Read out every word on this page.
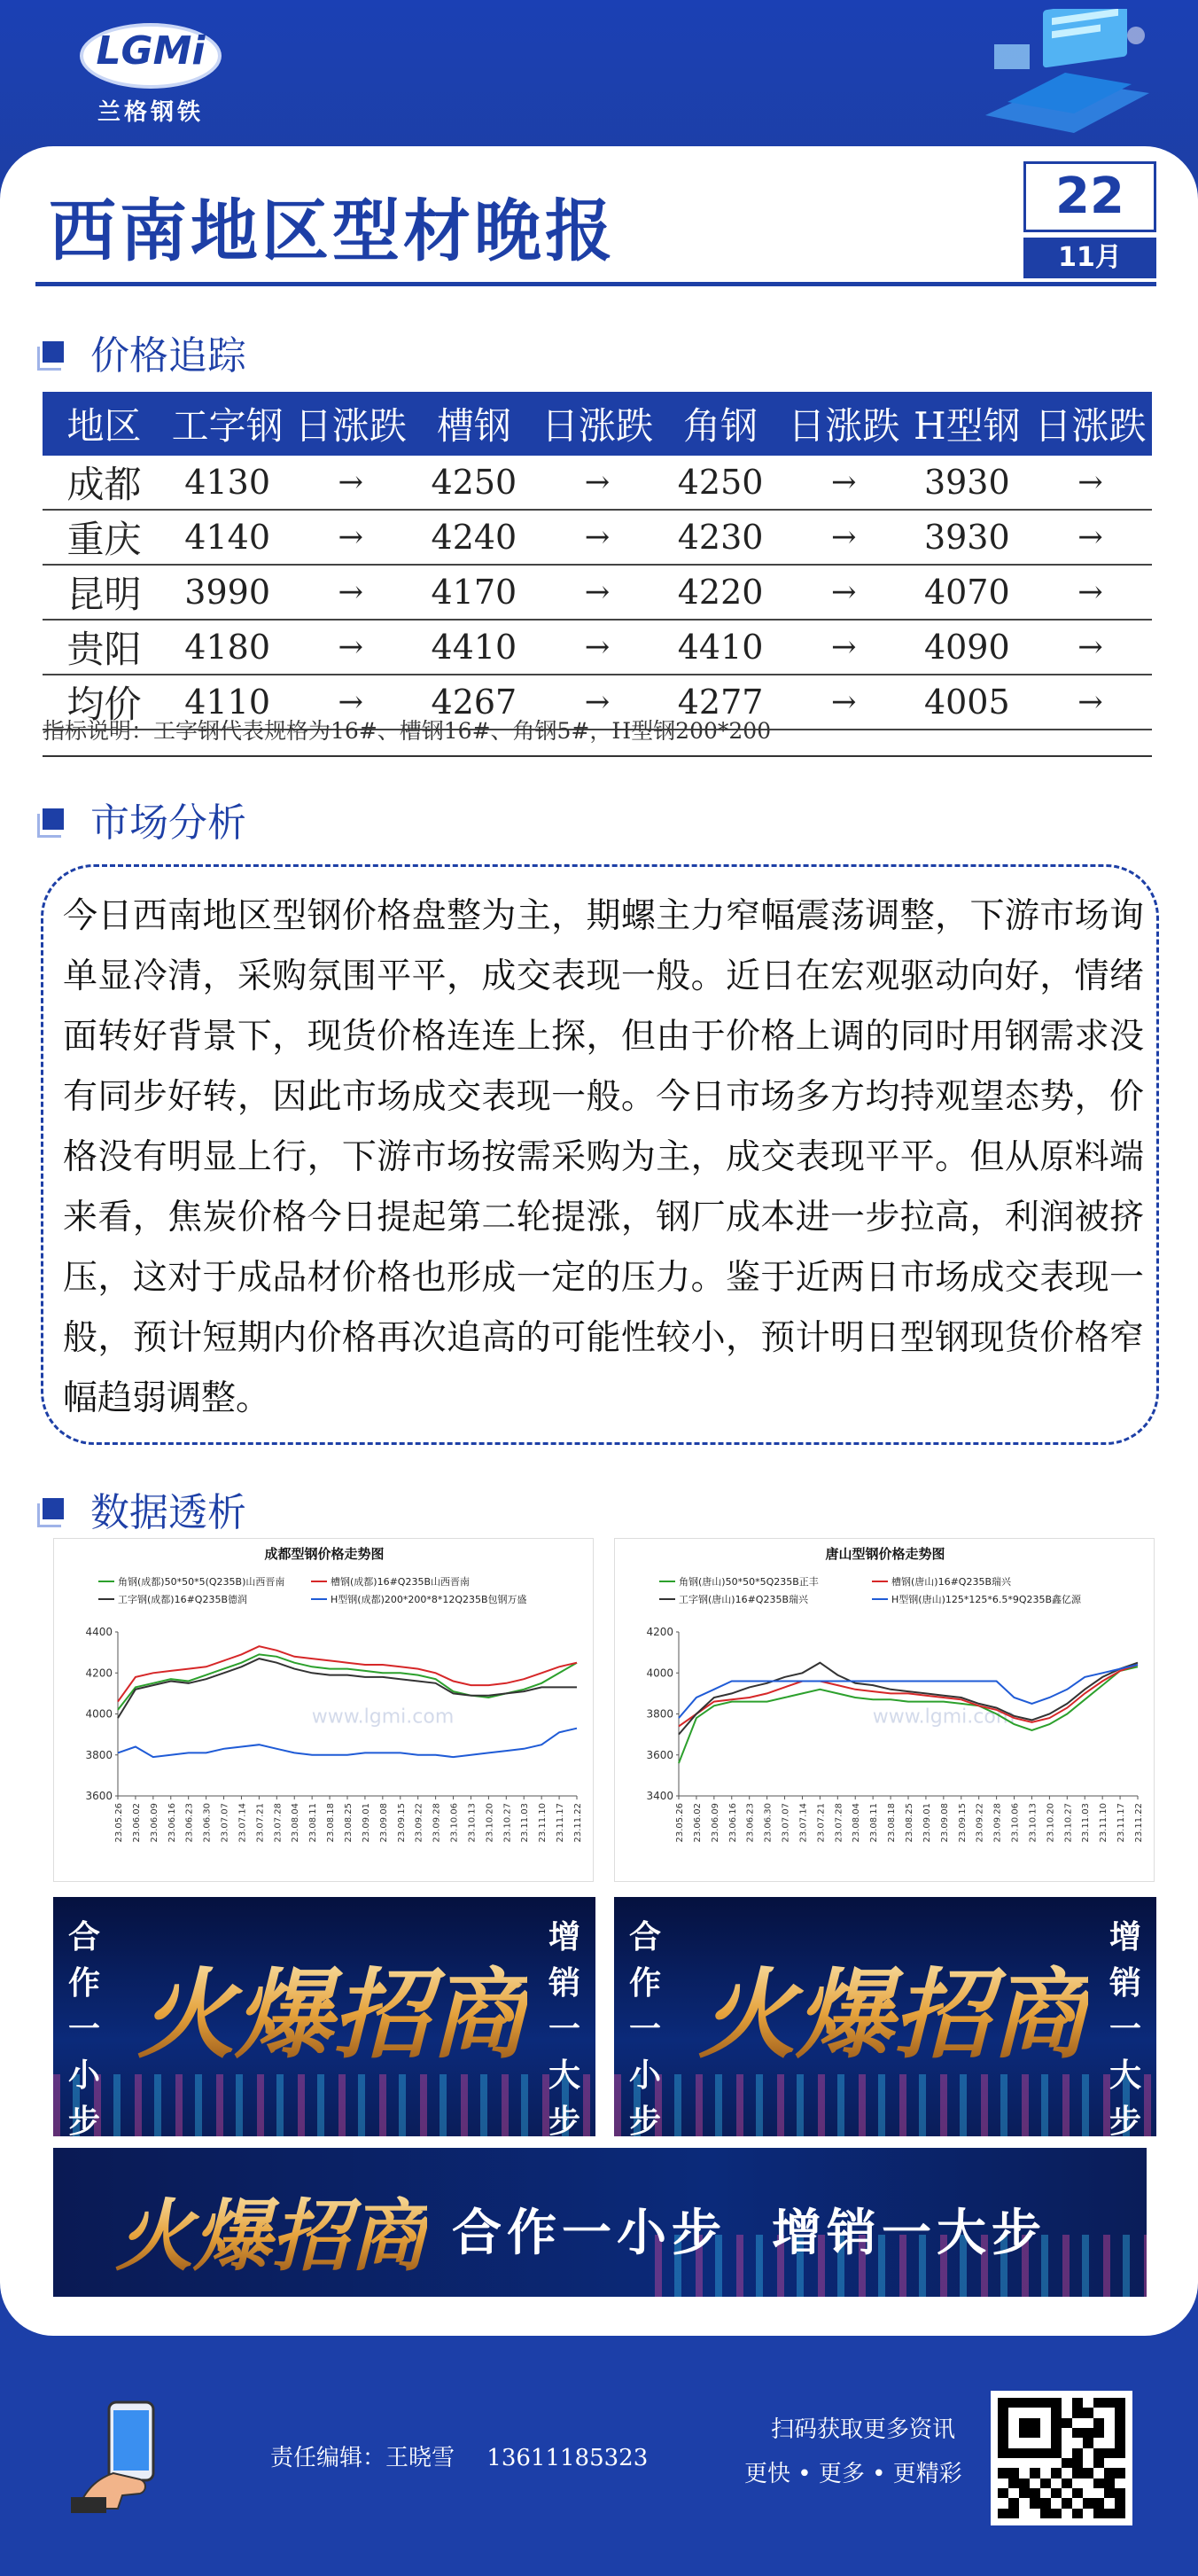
LGMi
兰格钢铁
西南地区型材晚报	22
11月
价格追踪
地区	工字钢	日涨跌	槽钢	日涨跌	角钢	日涨跌	H型钢	日涨跌
成都	4130	→	4250	→	4250	→	3930	→
重庆	4140	→	4240	→	4230	→	3930	→
昆明	3990	→	4170	→	4220	→	4070	→
贵阳	4180	→	4410	→	4410	→	4090	→
均价	4110	→	4267	→	4277	→	4005	→
指标说明：工字钢代表规格为16#、槽钢16#、角钢5#，H型钢200*200
市场分析
今日西南地区型钢价格盘整为主，期螺主力窄幅震荡调整，下游市场询单显冷清，采购氛围平平，成交表现一般。近日在宏观驱动向好，情绪面转好背景下，现货价格连连上探，但由于价格上调的同时用钢需求没有同步好转，因此市场成交表现一般。今日市场多方均持观望态势，价格没有明显上行，下游市场按需采购为主，成交表现平平。但从原料端来看，焦炭价格今日提起第二轮提涨，钢厂成本进一步拉高，利润被挤压，这对于成品材价格也形成一定的压力。鉴于近两日市场成交表现一般，预计短期内价格再次追高的可能性较小，预计明日型钢现货价格窄幅趋弱调整。
数据透析
成都型钢价格走势图
角钢(成都)50*50*5(Q235B)山西晋南	槽钢(成都)16#Q235B山西晋南
工字钢(成都)16#Q235B德润	H型钢(成都)200*200*8*12Q235B包钢万盛
4400
4200
4000
3800
3600
www.lgmi.com
23.05.26 23.06.02 23.06.09 23.06.16 23.06.23 23.06.30 23.07.07 23.07.14 23.07.21 23.07.28 23.08.04 23.08.11 23.08.18 23.08.25 23.09.01 23.09.08 23.09.15 23.09.22 23.09.28 23.10.06 23.10.13 23.10.20 23.10.27 23.11.03 23.11.10 23.11.17 23.11.22
唐山型钢价格走势图
角钢(唐山)50*50*5Q235B正丰	槽钢(唐山)16#Q235B瑞兴
工字钢(唐山)16#Q235B瑞兴	H型钢(唐山)125*125*6.5*9Q235B鑫亿源
4200
4000
3800
3600
3400
www.lgmi.com
23.05.26 23.06.02 23.06.09 23.06.16 23.06.23 23.06.30 23.07.07 23.07.14 23.07.21 23.07.28 23.08.04 23.08.11 23.08.18 23.08.25 23.09.01 23.09.08 23.09.15 23.09.22 23.09.28 23.10.06 23.10.13 23.10.20 23.10.27 23.11.03 23.11.10 23.11.17 23.11.22
合作一小步
增销一大步
火爆招商
合作一小步
增销一大步
火爆招商
火爆招商 合作一小步  增销一大步
责任编辑：王晓雪 13611185323
扫码获取更多资讯
更快 • 更多 • 更精彩
